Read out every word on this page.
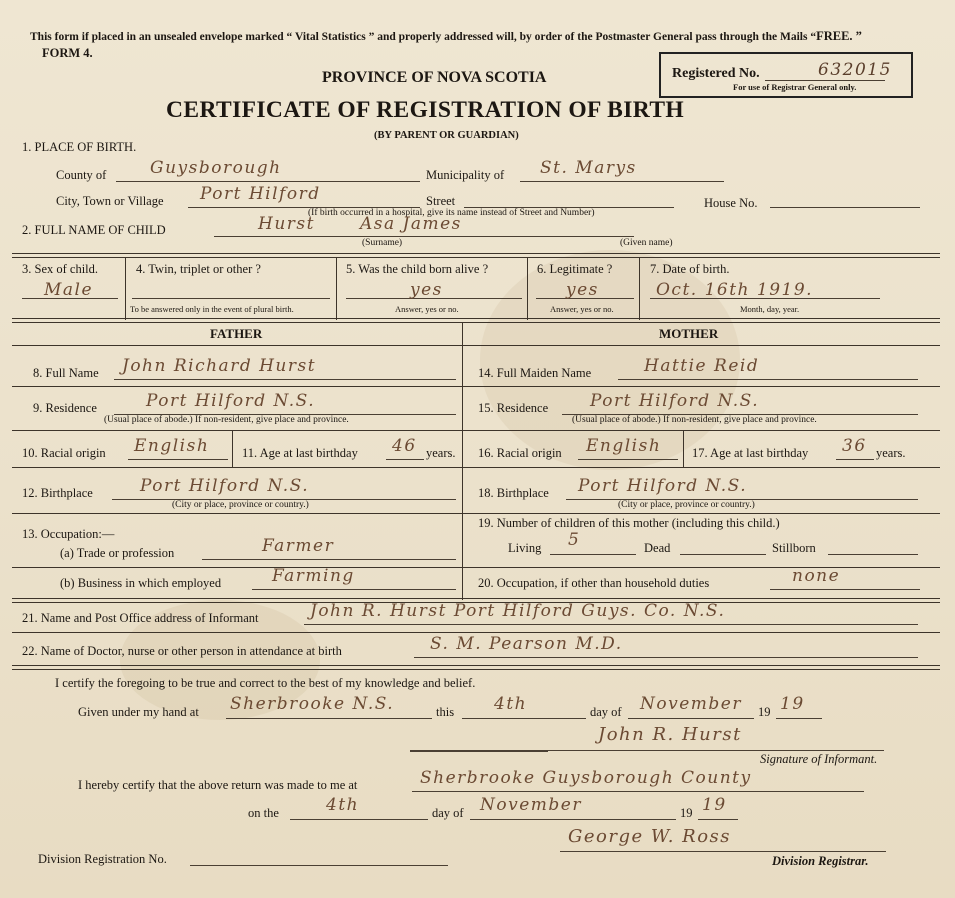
This form if placed in an unsealed envelope marked “ Vital Statistics ” and properly addressed will, by order of the Postmaster General pass through the Mails “FREE. ”
FORM 4.
PROVINCE OF NOVA SCOTIA
CERTIFICATE OF REGISTRATION OF BIRTH
(BY PARENT OR GUARDIAN)
Registered No.	632015
For use of Registrar General only.
1. PLACE OF BIRTH.
County of	Guysborough	Municipality of St. Marys
City, Town or Village Port Hilford	Street	House No.
(If birth occurred in a hospital, give its name instead of Street and Number)
2. FULL NAME OF CHILD	Hurst	Asa James
(Surname)	(Given name)
3. Sex of child.
Male
4. Twin, triplet or other ?
To be answered only in the event of plural birth.
5. Was the child born alive ?
yes
Answer, yes or no.
6. Legitimate ?
yes
Answer, yes or no.
7. Date of birth.
Oct. 16th 1919.
Month, day, year.
FATHER	MOTHER
8. Full Name John Richard Hurst
9. Residence	Port Hilford N.S.
(Usual place of abode.) If non-resident, give place and province.
10. Racial origin English	11. Age at last birthday 46 years.
12. Birthplace	Port Hilford N.S.
(City or place, province or country.)
13. Occupation:—
(a) Trade or profession	Farmer
(b) Business in which employed	Farming
14. Full Maiden Name	Hattie Reid
15. Residence Port Hilford N.S.
(Usual place of abode.) If non-resident, give place and province.
16. Racial origin English 17. Age at last birthday 36 years.
18. Birthplace Port Hilford N.S.
(City or place, province or country.)
19. Number of children of this mother (including this child.)
Living 5	Dead	Stillborn
20. Occupation, if other than household duties	none
21. Name and Post Office address of Informant	John R. Hurst Port Hilford Guys. Co. N.S.
22. Name of Doctor, nurse or other person in attendance at birth	S. M. Pearson M.D.
I certify the foregoing to be true and correct to the best of my knowledge and belief.
Given under my hand at Sherbrooke N.S.	this 4th	day of November 19 19
John R. Hurst
Signature of Informant.
I hereby certify that the above return was made to me at	Sherbrooke Guysborough County
on the	4th	day of November	19 19
George W. Ross
Division Registration No.	Division Registrar.
